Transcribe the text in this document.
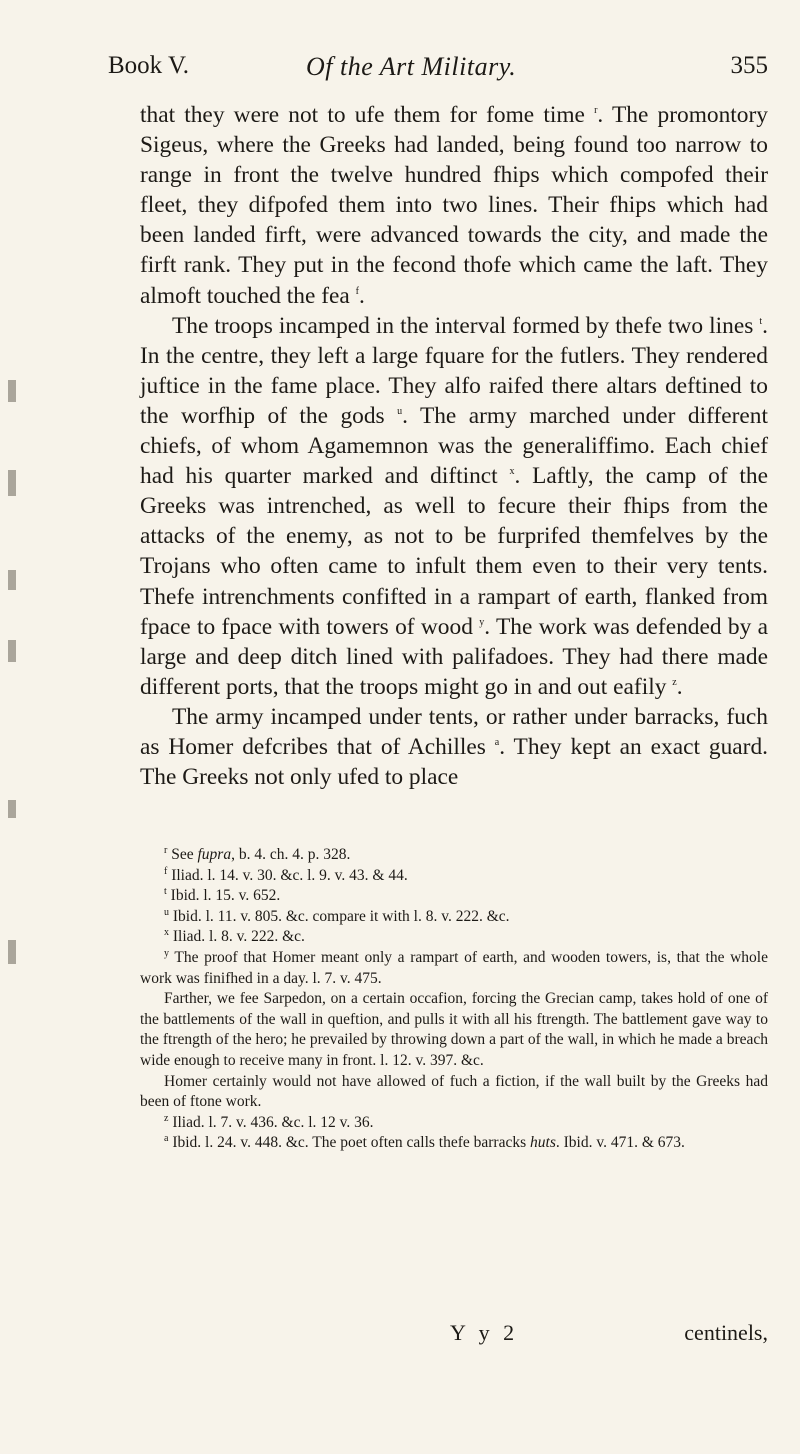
Book V.	Of the Art Military.	355

that they were not to ufe them for fome time $^r$. The promontory Sigeus, where the Greeks had landed, being found too narrow to range in front the twelve hundred fhips which compofed their fleet, they difpofed them into two lines. Their fhips which had been landed firft, were advanced towards the city, and made the firft rank. They put in the fecond thofe which came the laft. They almoft touched the fea $^f$.

The troops incamped in the interval formed by thefe two lines $^t$. In the centre, they left a large fquare for the futlers. They rendered juftice in the fame place. They alfo raifed there altars deftined to the worfhip of the gods $^u$. The army marched under different chiefs, of whom Agamemnon was the generaliffimo. Each chief had his quarter marked and diftinct $^x$. Laftly, the camp of the Greeks was intrenched, as well to fecure their fhips from the attacks of the enemy, as not to be furprifed themfelves by the Trojans who often came to infult them even to their very tents. Thefe intrenchments confifted in a rampart of earth, flanked from fpace to fpace with towers of wood $^y$. The work was defended by a large and deep ditch lined with palifadoes. They had there made different ports, that the troops might go in and out eafily $^z$.

The army incamped under tents, or rather under barracks, fuch as Homer defcribes that of Achilles $^a$. They kept an exact guard. The Greeks not only ufed to place

$^r$ See fupra, b. 4. ch. 4. p. 328.

$^f$ Iliad. l. 14. v. 30. &c. l. 9. v. 43. & 44.

$^t$ Ibid. l. 15. v. 652.

$^u$ Ibid. l. 11. v. 805. &c. compare it with l. 8. v. 222. &c.

$^x$ Iliad. l. 8. v. 222. &c.

$^y$ The proof that Homer meant only a rampart of earth, and wooden towers, is, that the whole work was finifhed in a day. l. 7. v. 475.

Farther, we fee Sarpedon, on a certain occafion, forcing the Grecian camp, takes hold of one of the battlements of the wall in queftion, and pulls it with all his ftrength. The battlement gave way to the ftrength of the hero; he prevailed by throwing down a part of the wall, in which he made a breach wide enough to receive many in front. l. 12. v. 397. &c.

Homer certainly would not have allowed of fuch a fiction, if the wall built by the Greeks had been of ftone work.

$^z$ Iliad. l. 7. v. 436. &c. l. 12 v. 36.

$^a$ Ibid. l. 24. v. 448. &c. The poet often calls thefe barracks huts. Ibid. v. 471. & 673.

Y y 2	centinels,
